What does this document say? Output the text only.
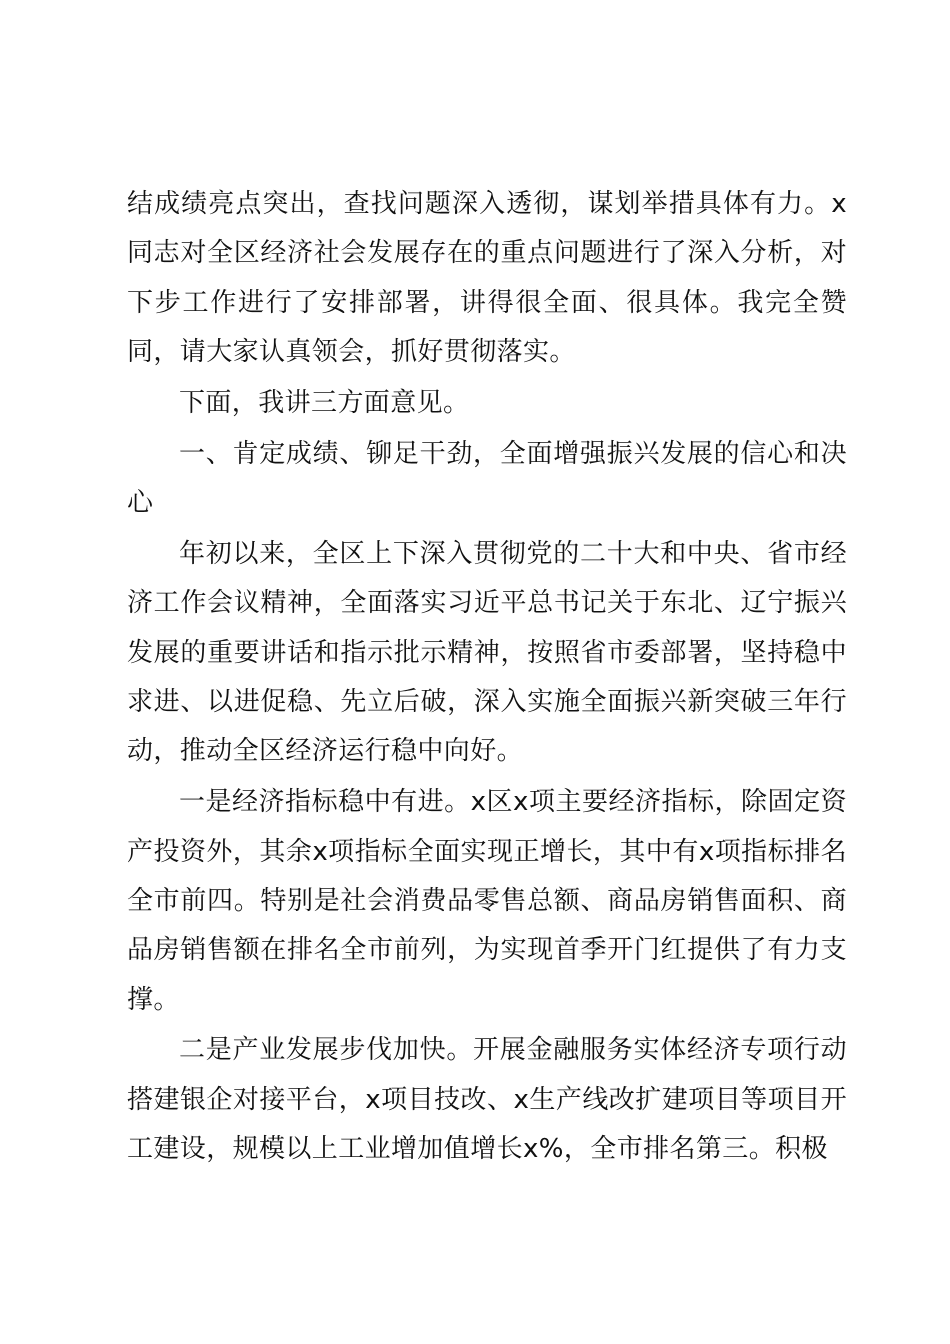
结成绩亮点突出，查找问题深入透彻，谋划举措具体有力。x同志对全区经济社会发展存在的重点问题进行了深入分析，对下步工作进行了安排部署，讲得很全面、很具体。我完全赞同，请大家认真领会，抓好贯彻落实。

下面，我讲三方面意见。

一、肯定成绩、铆足干劲，全面增强振兴发展的信心和决心

年初以来，全区上下深入贯彻党的二十大和中央、省市经济工作会议精神，全面落实习近平总书记关于东北、辽宁振兴发展的重要讲话和指示批示精神，按照省市委部署，坚持稳中求进、以进促稳、先立后破，深入实施全面振兴新突破三年行动，推动全区经济运行稳中向好。

一是经济指标稳中有进。x区x项主要经济指标，除固定资产投资外，其余x项指标全面实现正增长，其中有x项指标排名全市前四。特别是社会消费品零售总额、商品房销售面积、商品房销售额在排名全市前列，为实现首季开门红提供了有力支撑。

二是产业发展步伐加快。开展金融服务实体经济专项行动搭建银企对接平台，x项目技改、x生产线改扩建项目等项目开工建设，规模以上工业增加值增长x%，全市排名第三。积极
